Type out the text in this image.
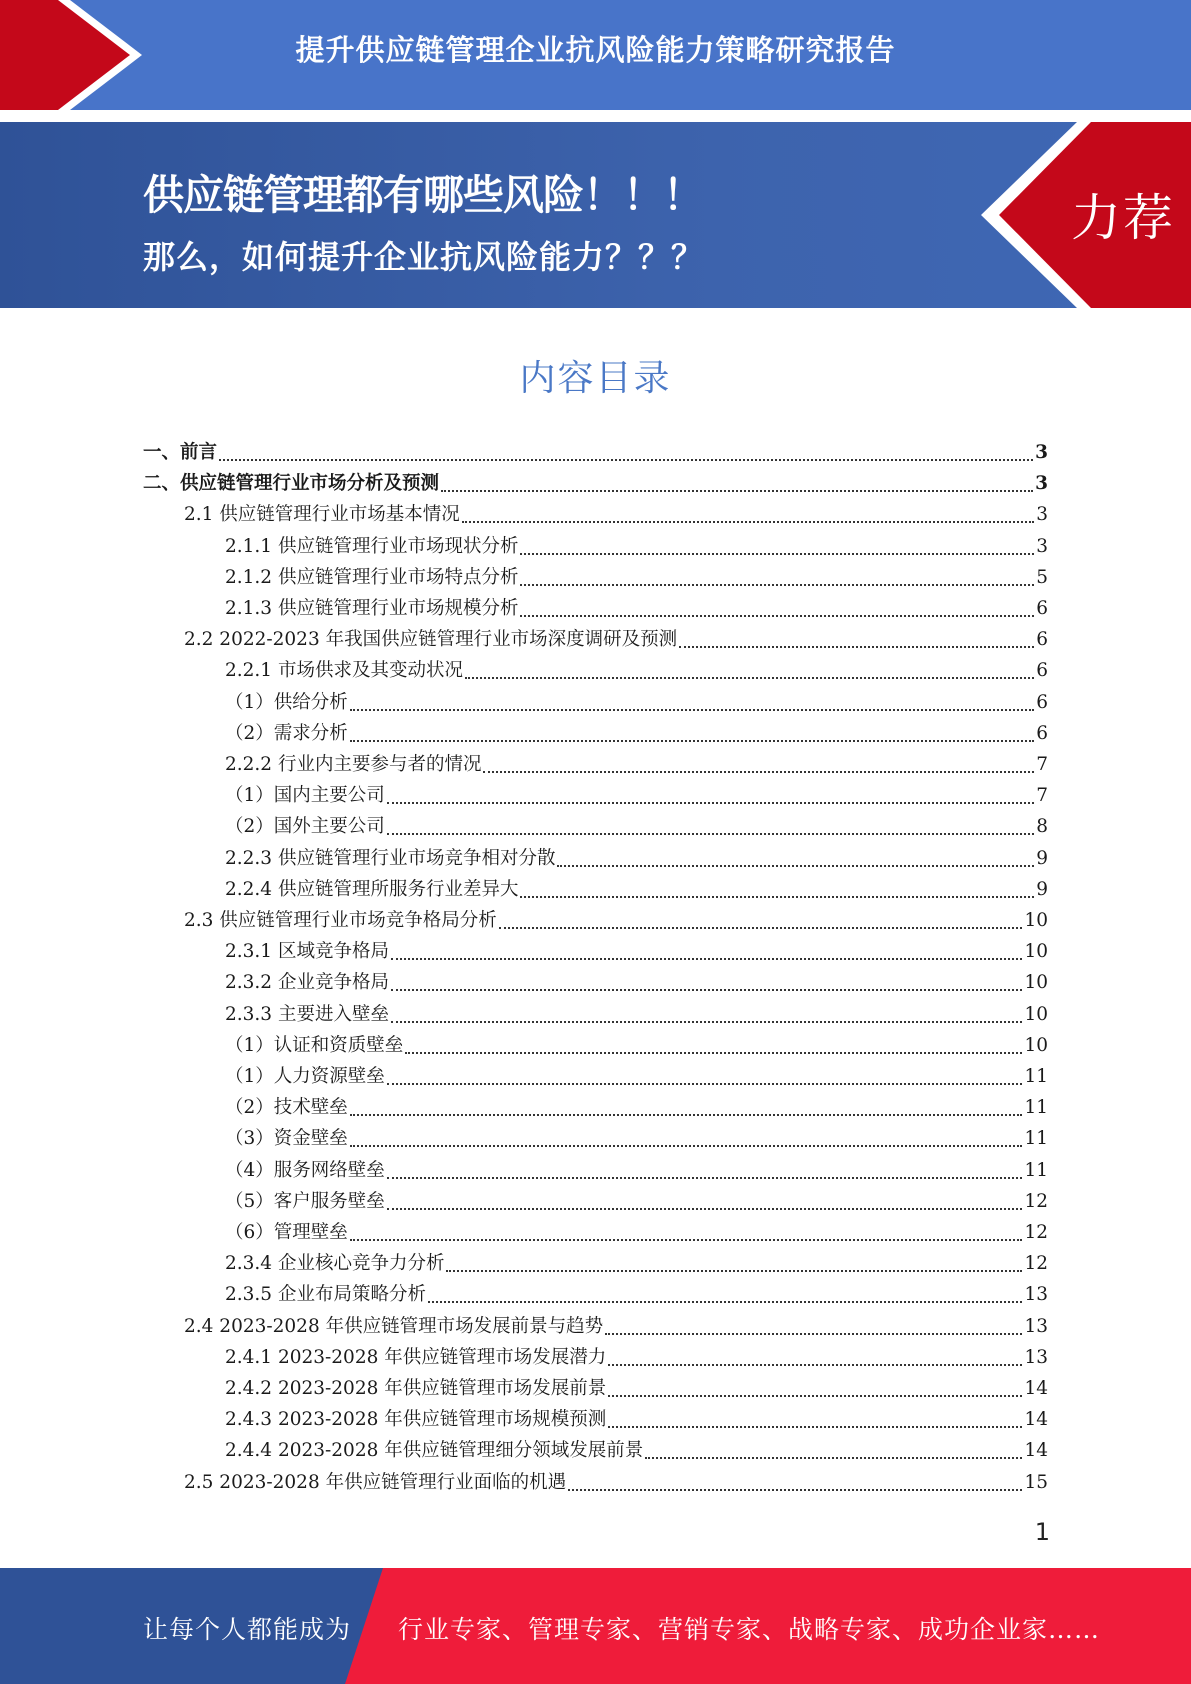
提升供应链管理企业抗风险能力策略研究报告
供应链管理都有哪些风险！！！
那么，如何提升企业抗风险能力？？？
力荐
内容目录
一、前言	3
二、供应链管理行业市场分析及预测	3
2.1 供应链管理行业市场基本情况	3
2.1.1 供应链管理行业市场现状分析	3
2.1.2 供应链管理行业市场特点分析	5
2.1.3 供应链管理行业市场规模分析	6
2.2 2022-2023 年我国供应链管理行业市场深度调研及预测	6
2.2.1 市场供求及其变动状况	6
（1）供给分析	6
（2）需求分析	6
2.2.2 行业内主要参与者的情况	7
（1）国内主要公司	7
（2）国外主要公司	8
2.2.3 供应链管理行业市场竞争相对分散	9
2.2.4 供应链管理所服务行业差异大	9
2.3 供应链管理行业市场竞争格局分析	10
2.3.1 区域竞争格局	10
2.3.2 企业竞争格局	10
2.3.3 主要进入壁垒	10
（1）认证和资质壁垒	10
（1）人力资源壁垒	11
（2）技术壁垒	11
（3）资金壁垒	11
（4）服务网络壁垒	11
（5）客户服务壁垒	12
（6）管理壁垒	12
2.3.4 企业核心竞争力分析	12
2.3.5 企业布局策略分析	13
2.4 2023-2028 年供应链管理市场发展前景与趋势	13
2.4.1 2023-2028 年供应链管理市场发展潜力	13
2.4.2 2023-2028 年供应链管理市场发展前景	14
2.4.3 2023-2028 年供应链管理市场规模预测	14
2.4.4 2023-2028 年供应链管理细分领域发展前景	14
2.5 2023-2028 年供应链管理行业面临的机遇	15
1
让每个人都能成为 行业专家、管理专家、营销专家、战略专家、成功企业家……
